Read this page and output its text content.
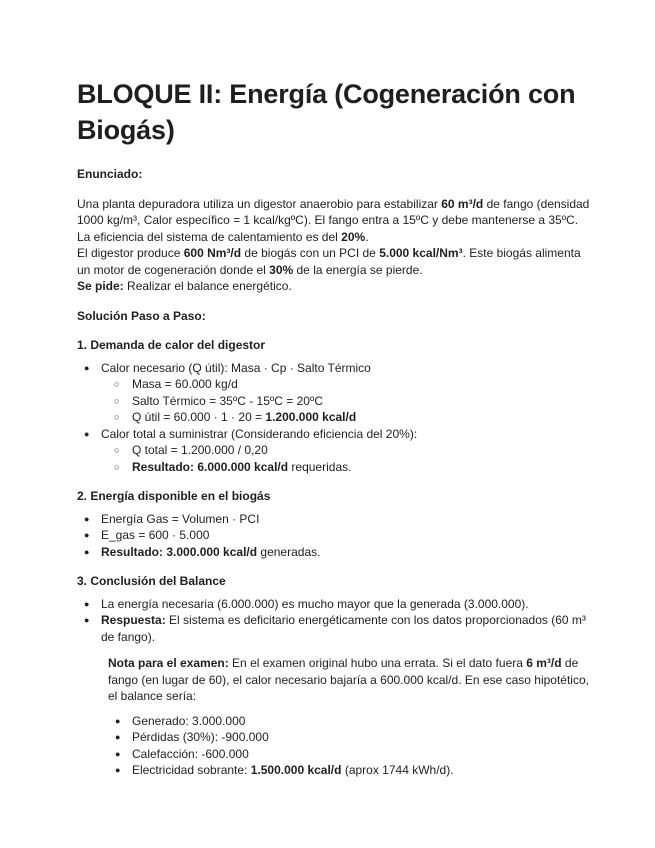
BLOQUE II: Energía (Cogeneración con Biogás)

Enunciado:

Una planta depuradora utiliza un digestor anaerobio para estabilizar 60 m³/d de fango (densidad 1000 kg/m³, Calor específico = 1 kcal/kgºC). El fango entra a 15ºC y debe mantenerse a 35ºC. La eficiencia del sistema de calentamiento es del 20%.
El digestor produce 600 Nm³/d de biogás con un PCI de 5.000 kcal/Nm³. Este biogás alimenta un motor de cogeneración donde el 30% de la energía se pierde.
Se pide: Realizar el balance energético.

Solución Paso a Paso:

1. Demanda de calor del digestor

● Calor necesario (Q útil): Masa · Cp · Salto Térmico
○ Masa = 60.000 kg/d
○ Salto Térmico = 35ºC - 15ºC = 20ºC
○ Q útil = 60.000 · 1 · 20 = 1.200.000 kcal/d
● Calor total a suministrar (Considerando eficiencia del 20%):
○ Q total = 1.200.000 / 0,20
○ Resultado: 6.000.000 kcal/d requeridas.

2. Energía disponible en el biogás

● Energía Gas = Volumen · PCI
● E_gas = 600 · 5.000
● Resultado: 3.000.000 kcal/d generadas.

3. Conclusión del Balance

● La energía necesaria (6.000.000) es mucho mayor que la generada (3.000.000).
● Respuesta: El sistema es deficitario energéticamente con los datos proporcionados (60 m³ de fango).

Nota para el examen: En el examen original hubo una errata. Si el dato fuera 6 m³/d de fango (en lugar de 60), el calor necesario bajaría a 600.000 kcal/d. En ese caso hipotético, el balance sería:

● Generado: 3.000.000
● Pérdidas (30%): -900.000
● Calefacción: -600.000
● Electricidad sobrante: 1.500.000 kcal/d (aprox 1744 kWh/d).
